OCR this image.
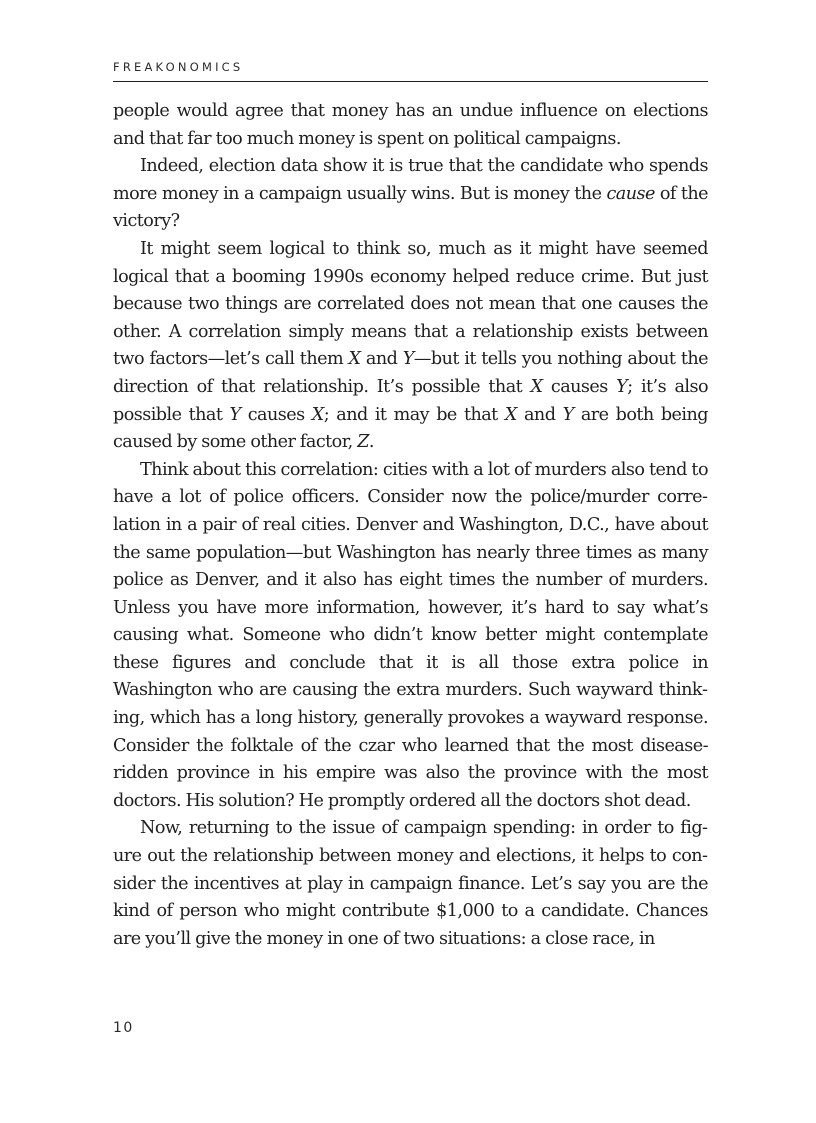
FREAKONOMICS

people would agree that money has an undue influence on elections and that far too much money is spent on political campaigns.

Indeed, election data show it is true that the candidate who spends more money in a campaign usually wins. But is money the cause of the victory?

It might seem logical to think so, much as it might have seemed logical that a booming 1990s economy helped reduce crime. But just because two things are correlated does not mean that one causes the other. A correlation simply means that a relationship exists between two factors—let’s call them X and Y—but it tells you nothing about the direction of that relationship. It’s possible that X causes Y; it’s also possible that Y causes X; and it may be that X and Y are both being caused by some other factor, Z.

Think about this correlation: cities with a lot of murders also tend to have a lot of police officers. Consider now the police/murder correlation in a pair of real cities. Denver and Washington, D.C., have about the same population—but Washington has nearly three times as many police as Denver, and it also has eight times the number of murders. Unless you have more information, however, it’s hard to say what’s causing what. Someone who didn’t know better might contemplate these figures and conclude that it is all those extra police in Washington who are causing the extra murders. Such wayward thinking, which has a long history, generally provokes a wayward response. Consider the folktale of the czar who learned that the most disease-ridden province in his empire was also the province with the most doctors. His solution? He promptly ordered all the doctors shot dead.

Now, returning to the issue of campaign spending: in order to figure out the relationship between money and elections, it helps to consider the incentives at play in campaign finance. Let’s say you are the kind of person who might contribute $1,000 to a candidate. Chances are you’ll give the money in one of two situations: a close race, in

10
